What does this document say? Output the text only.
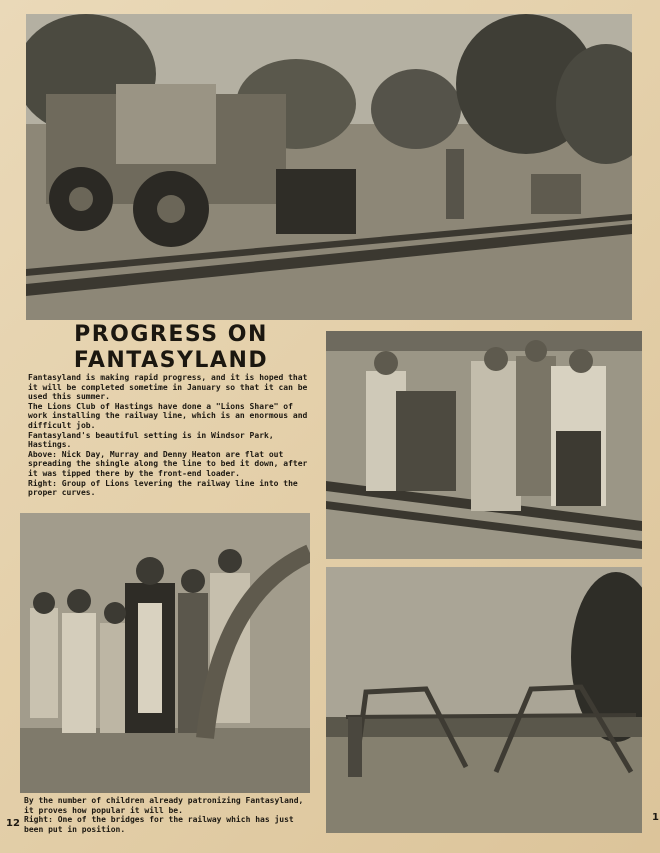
PROGRESS ON
FANTASYLAND

Fantasyland is making rapid progress, and it is hoped that it will be completed sometime in January so that it can be used this summer.

The Lions Club of Hastings have done a "Lions Share" of work installing the railway line, which is an enormous and difficult job.

Fantasyland's beautiful setting is in Windsor Park, Hastings.

Above: Nick Day, Murray and Denny Heaton are flat out spreading the shingle along the line to bed it down, after it was tipped there by the front-end loader.

Right: Group of Lions levering the railway line into the proper curves.

By the number of children already patronizing Fantasyland, it proves how popular it will be.

Right: One of the bridges for the railway which has just been put in position.

12
1
